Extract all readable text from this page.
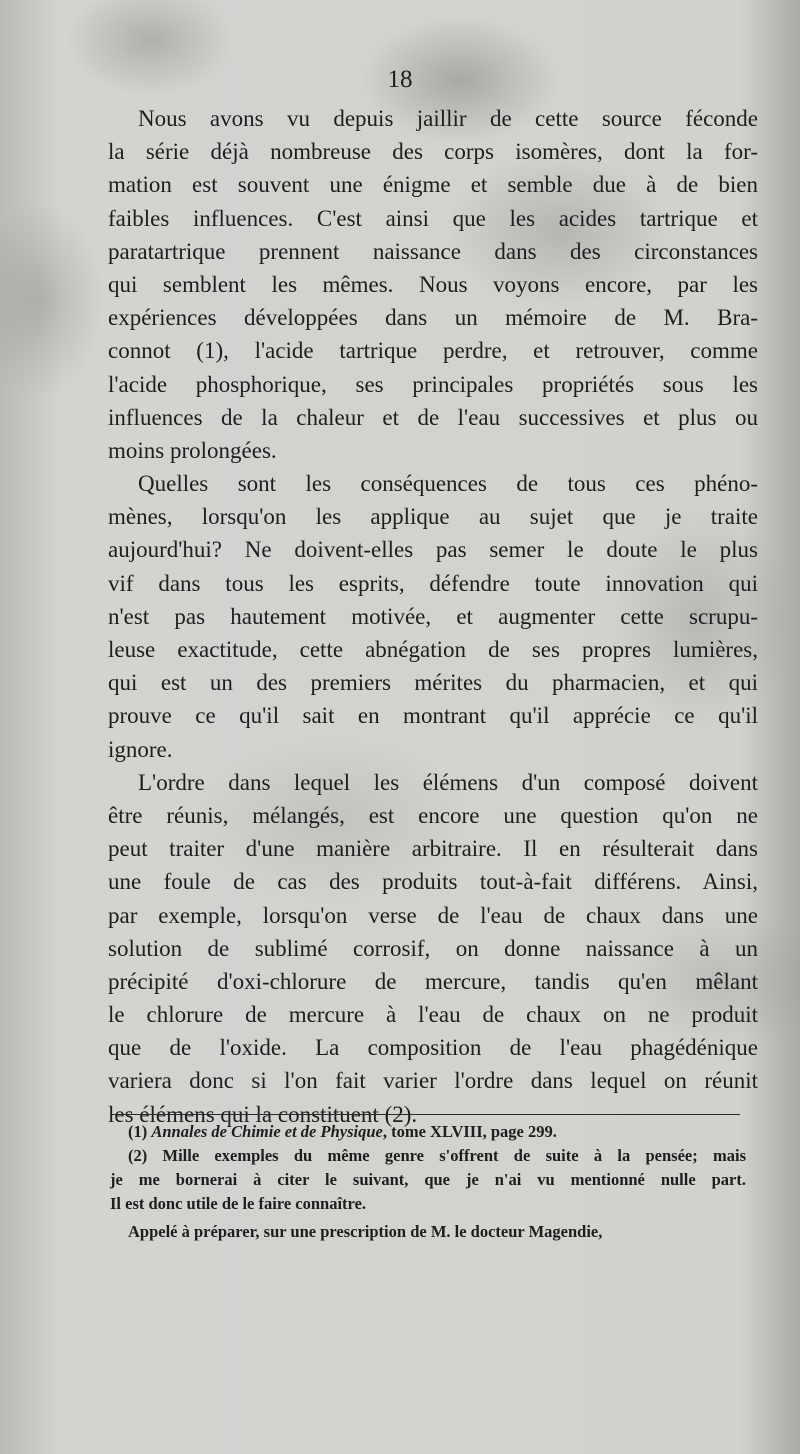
18
Nous avons vu depuis jaillir de cette source féconde
la série déjà nombreuse des corps isomères, dont la for-
mation est souvent une énigme et semble due à de bien
faibles influences. C'est ainsi que les acides tartrique et
paratartrique prennent naissance dans des circonstances
qui semblent les mêmes. Nous voyons encore, par les
expériences développées dans un mémoire de M. Bra-
connot (1), l'acide tartrique perdre, et retrouver, comme
l'acide phosphorique, ses principales propriétés sous les
influences de la chaleur et de l'eau successives et plus ou
moins prolongées.
Quelles sont les conséquences de tous ces phéno-
mènes, lorsqu'on les applique au sujet que je traite
aujourd'hui? Ne doivent-elles pas semer le doute le plus
vif dans tous les esprits, défendre toute innovation qui
n'est pas hautement motivée, et augmenter cette scrupu-
leuse exactitude, cette abnégation de ses propres lumières,
qui est un des premiers mérites du pharmacien, et qui
prouve ce qu'il sait en montrant qu'il apprécie ce qu'il
ignore.
L'ordre dans lequel les élémens d'un composé doivent
être réunis, mélangés, est encore une question qu'on ne
peut traiter d'une manière arbitraire. Il en résulterait dans
une foule de cas des produits tout-à-fait différens. Ainsi,
par exemple, lorsqu'on verse de l'eau de chaux dans une
solution de sublimé corrosif, on donne naissance à un
précipité d'oxi-chlorure de mercure, tandis qu'en mêlant
le chlorure de mercure à l'eau de chaux on ne produit
que de l'oxide. La composition de l'eau phagédénique
variera donc si l'on fait varier l'ordre dans lequel on réunit
les élémens qui la constituent (2).
(1) Annales de Chimie et de Physique, tome XLVIII, page 299.
(2) Mille exemples du même genre s'offrent de suite à la pensée; mais
je me bornerai à citer le suivant, que je n'ai vu mentionné nulle part.
Il est donc utile de le faire connaître.
Appelé à préparer, sur une prescription de M. le docteur Magendie,
